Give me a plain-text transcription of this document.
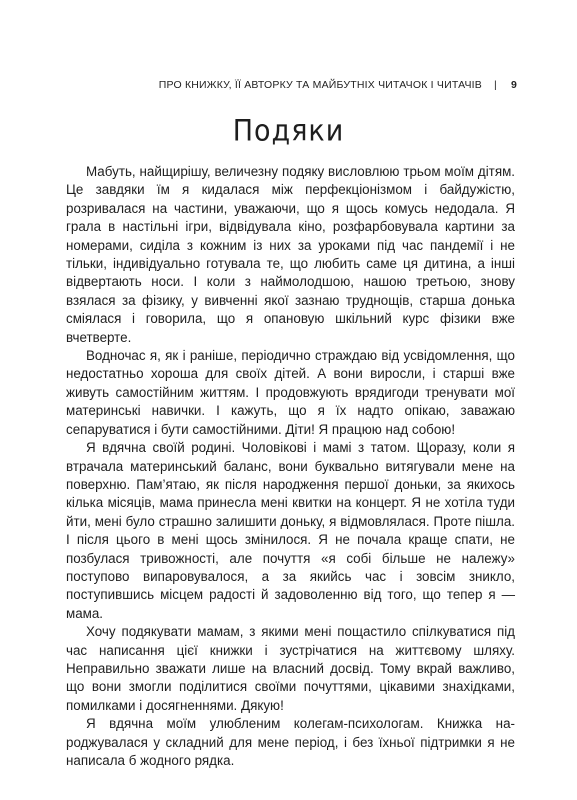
ПРО КНИЖКУ, ЇЇ АВТОРКУ ТА МАЙБУТНІХ ЧИТАЧОК І ЧИТАЧІВ | 9
Подяки

Мабуть, найщирішу, величезну подяку висловлюю трьом моїм дітям. Це завдяки їм я кидалася між перфекціонізмом і байдужістю, розривалася на частини, уважаючи, що я щось комусь недодала. Я грала в настільні ігри, відвідувала кіно, розфарбовувала картини за номерами, сиділа з кожним із них за уроками під час пандемії і не тільки, індивідуально готувала те, що любить саме ця дитина, а інші відвертають носи. І коли з наймолодшою, нашою третьою, знову взялася за фізику, у вивченні якої зазнаю труднощів, старша донька сміялася і говорила, що я опановую шкільний курс фізики вже вчетверте.

Водночас я, як і раніше, періодично страждаю від усвідомлення, що недостатньо хороша для своїх дітей. А вони виросли, і старші вже живуть самостійним життям. І продовжують врядигоди тренувати мої материнські навички. І кажуть, що я їх надто опікаю, заважаю сепаруватися і бути самостійними. Діти! Я працюю над собою!

Я вдячна своїй родині. Чоловікові і мамі з татом. Щоразу, коли я втрачала материнський баланс, вони буквально витягували мене на поверхню. Пам’ятаю, як після народження першої доньки, за якихось кілька місяців, мама принесла мені квитки на концерт. Я не хотіла туди йти, мені було страшно залишити доньку, я відмовлялася. Проте пішла. І після цього в мені щось змінилося. Я не почала краще спати, не позбулася тривожності, але почуття «я собі більше не належу» поступово випаровувалося, а за якийсь час і зовсім зникло, поступившись місцем радості й задоволенню від того, що тепер я — мама.

Хочу подякувати мамам, з якими мені пощастило спілкуватися під час написання цієї книжки і зустрічатися на життєвому шляху. Неправильно зважати лише на власний досвід. Тому вкрай важливо, що вони змогли поділитися своїми почуттями, цікавими знахідками, помилками і досягненнями. Дякую!

Я вдячна моїм улюбленим колегам-психологам. Книжка народжувалася у складний для мене період, і без їхньої підтримки я не написала б жодного рядка.
